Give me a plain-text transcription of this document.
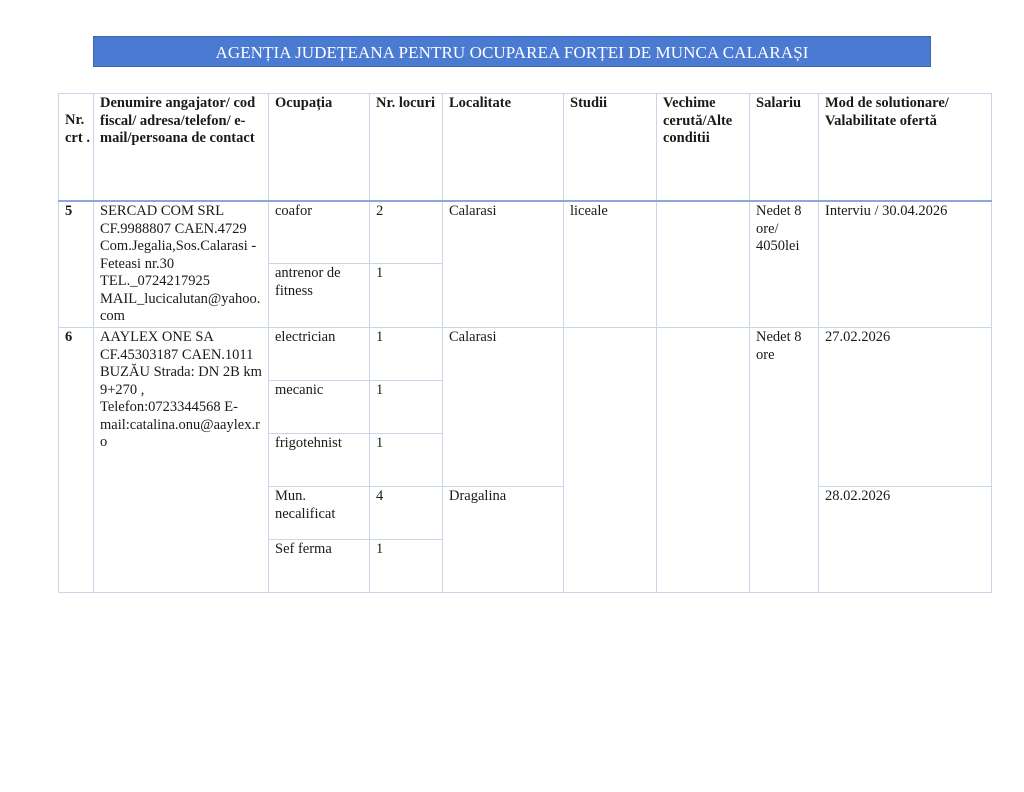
AGENȚIA JUDEȚEANA PENTRU OCUPAREA FORȚEI DE MUNCA CALARAȘI
Nr. crt .	Denumire angajator/ cod fiscal/ adresa/telefon/ e-mail/persoana de contact	Ocupația	Nr. locuri	Localitate	Studii	Vechime cerută/Alte conditii	Salariu	Mod de solutionare/ Valabilitate ofertă
5	SERCAD COM SRL CF.9988807 CAEN.4729 Com.Jegalia,Sos.Calarasi -Feteasi nr.30 TEL._0724217925 MAIL_lucicalutan@yahoo.com	coafor	2	Calarasi	liceale		Nedet 8 ore/ 4050lei	Interviu / 30.04.2026
		antrenor de fitness	1					
6	AAYLEX ONE SA CF.45303187 CAEN.1011 BUZĂU Strada: DN 2B km 9+270 , Telefon:0723344568 E-mail:catalina.onu@aaylex.ro	electrician	1	Calarasi			Nedet 8 ore	27.02.2026
		mecanic	1					
		frigotehnist	1					
		Mun. necalificat	4	Dragalina				28.02.2026
		Sef ferma	1					
